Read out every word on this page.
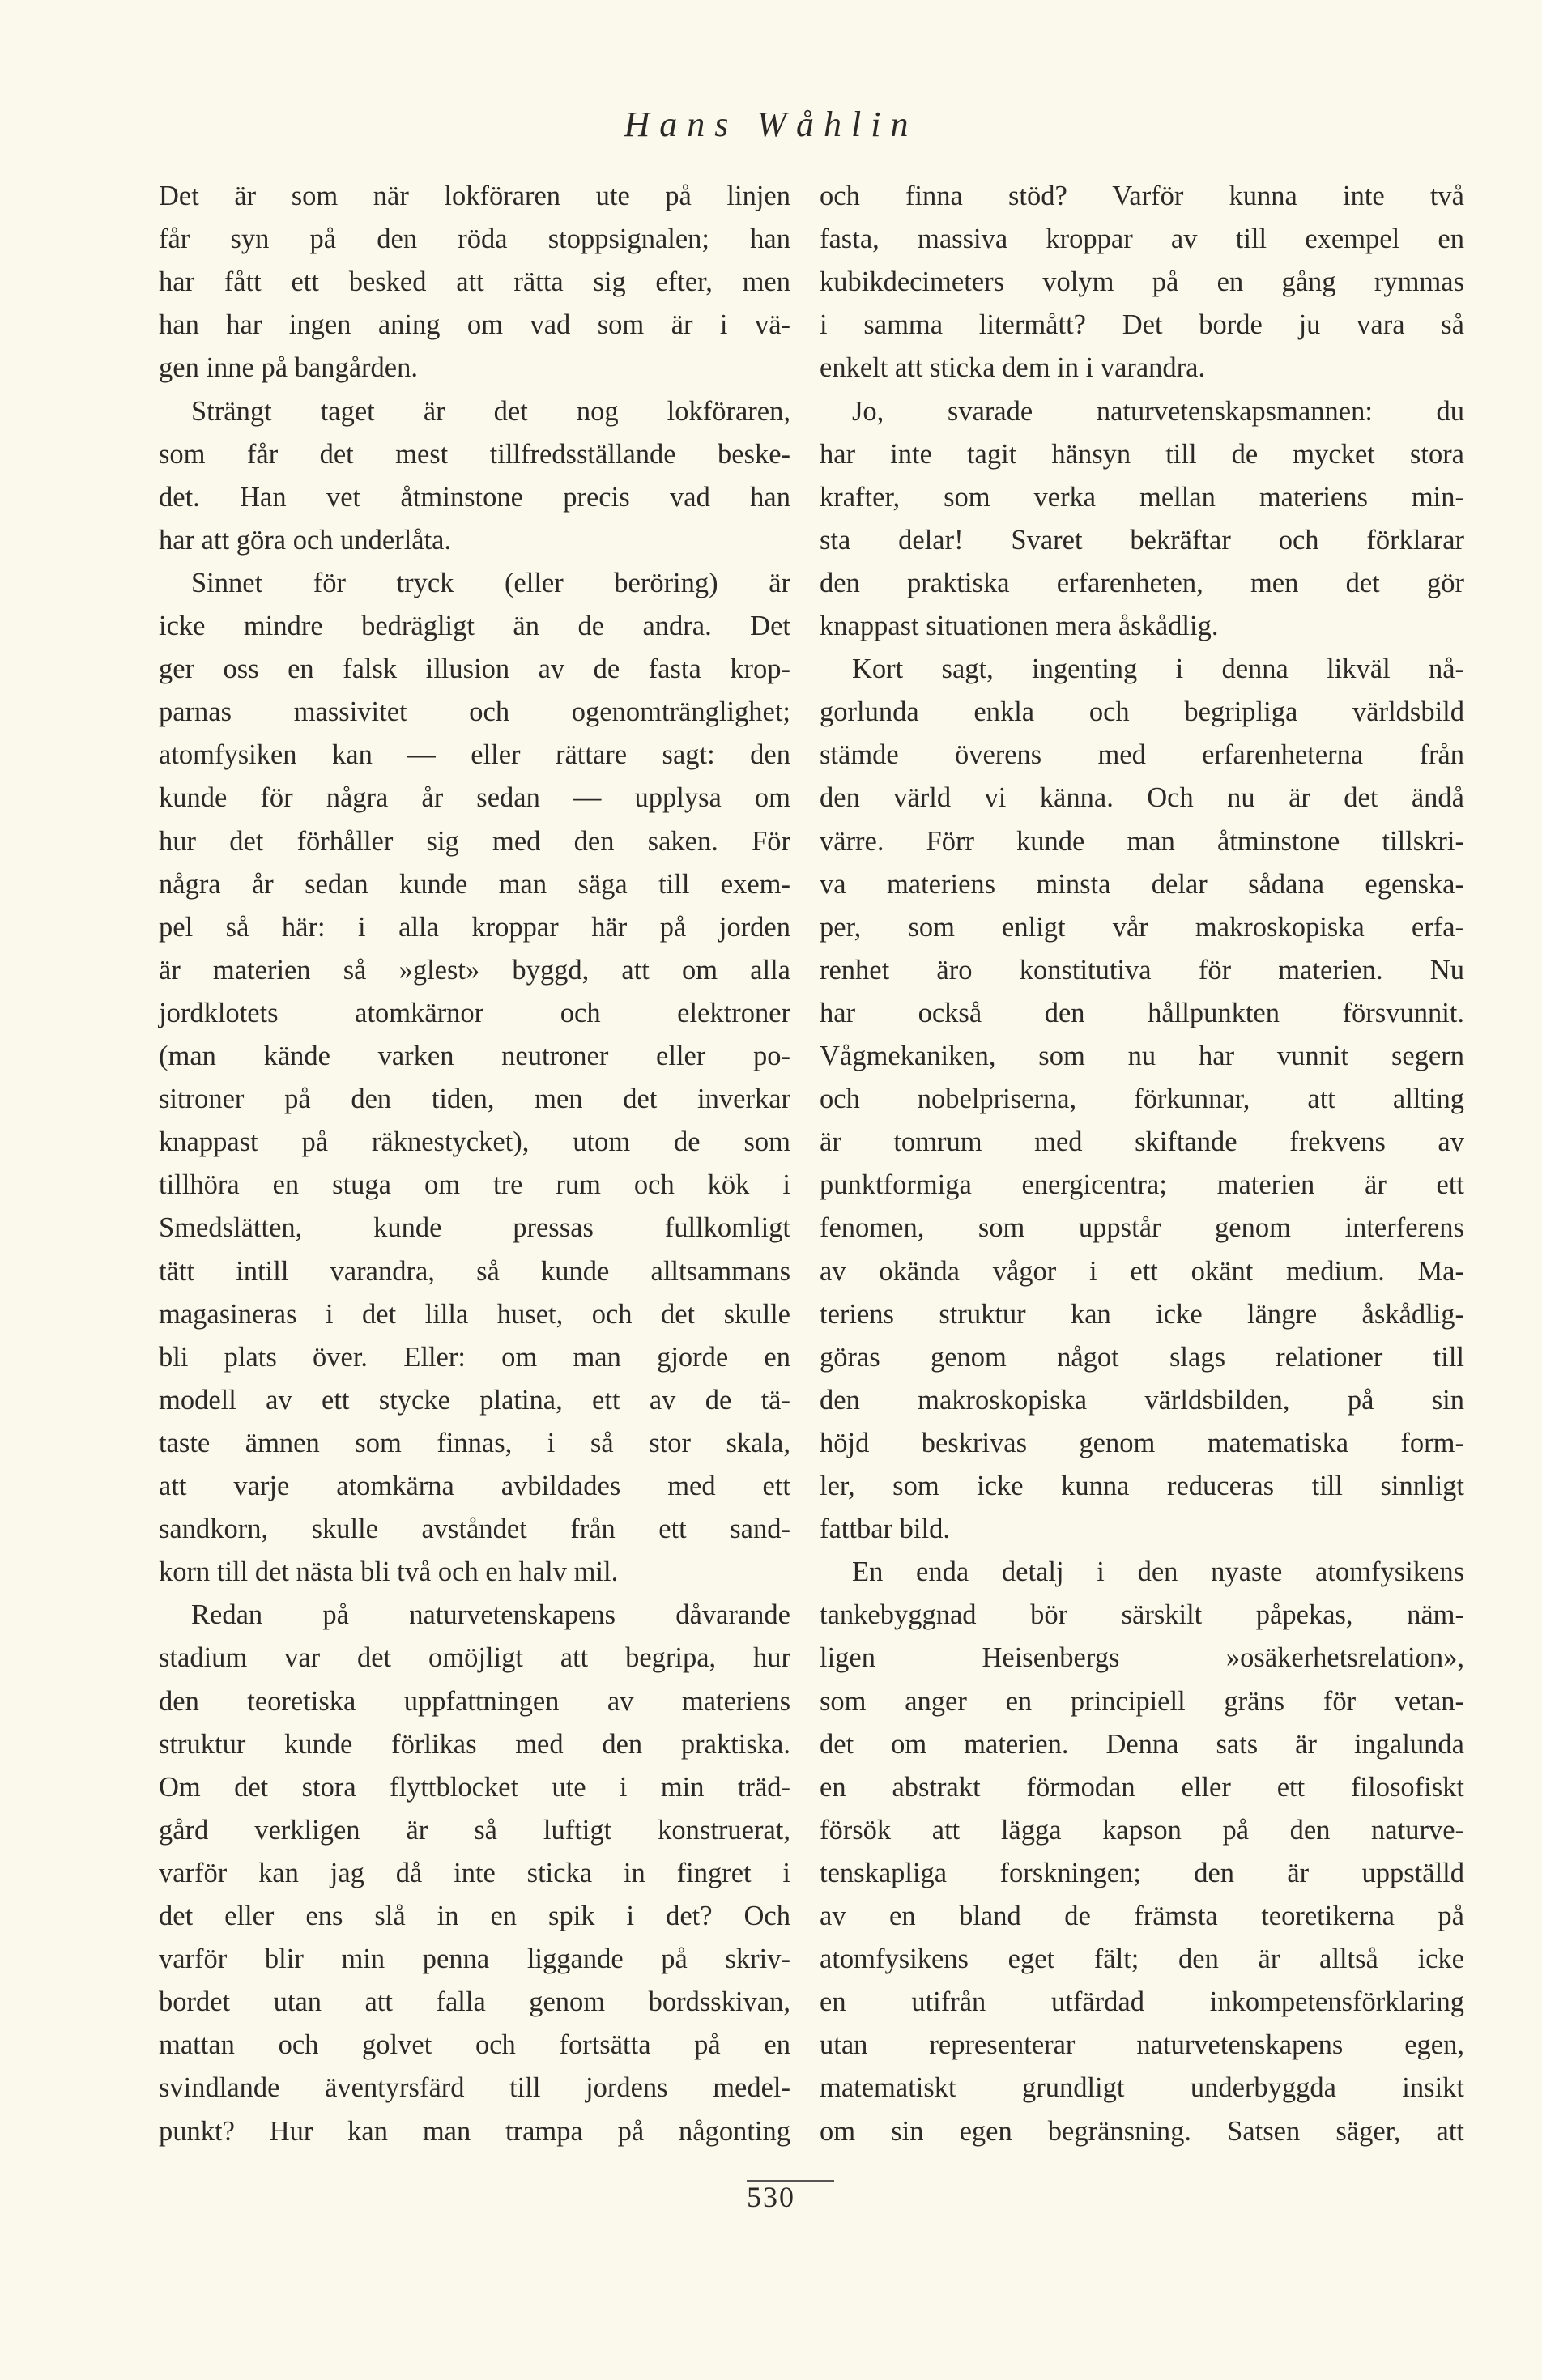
Hans Wåhlin
Det är som när lokföraren ute på linjen
får syn på den röda stoppsignalen; han
har fått ett besked att rätta sig efter, men
han har ingen aning om vad som är i vä-
gen inne på bangården.
Strängt taget är det nog lokföraren,
som får det mest tillfredsställande beske-
det. Han vet åtminstone precis vad han
har att göra och underlåta.
Sinnet för tryck (eller beröring) är
icke mindre bedrägligt än de andra. Det
ger oss en falsk illusion av de fasta krop-
parnas massivitet och ogenomtränglighet;
atomfysiken kan — eller rättare sagt: den
kunde för några år sedan — upplysa om
hur det förhåller sig med den saken. För
några år sedan kunde man säga till exem-
pel så här: i alla kroppar här på jorden
är materien så »glest» byggd, att om alla
jordklotets atomkärnor och elektroner
(man kände varken neutroner eller po-
sitroner på den tiden, men det inverkar
knappast på räknestycket), utom de som
tillhöra en stuga om tre rum och kök i
Smedslätten, kunde pressas fullkomligt
tätt intill varandra, så kunde alltsammans
magasineras i det lilla huset, och det skulle
bli plats över. Eller: om man gjorde en
modell av ett stycke platina, ett av de tä-
taste ämnen som finnas, i så stor skala,
att varje atomkärna avbildades med ett
sandkorn, skulle avståndet från ett sand-
korn till det nästa bli två och en halv mil.
Redan på naturvetenskapens dåvarande
stadium var det omöjligt att begripa, hur
den teoretiska uppfattningen av materiens
struktur kunde förlikas med den praktiska.
Om det stora flyttblocket ute i min träd-
gård verkligen är så luftigt konstruerat,
varför kan jag då inte sticka in fingret i
det eller ens slå in en spik i det? Och
varför blir min penna liggande på skriv-
bordet utan att falla genom bordsskivan,
mattan och golvet och fortsätta på en
svindlande äventyrsfärd till jordens medel-
punkt? Hur kan man trampa på någonting
och finna stöd? Varför kunna inte två
fasta, massiva kroppar av till exempel en
kubikdecimeters volym på en gång rymmas
i samma litermått? Det borde ju vara så
enkelt att sticka dem in i varandra.
Jo, svarade naturvetenskapsmannen: du
har inte tagit hänsyn till de mycket stora
krafter, som verka mellan materiens min-
sta delar! Svaret bekräftar och förklarar
den praktiska erfarenheten, men det gör
knappast situationen mera åskådlig.
Kort sagt, ingenting i denna likväl nå-
gorlunda enkla och begripliga världsbild
stämde överens med erfarenheterna från
den värld vi känna. Och nu är det ändå
värre. Förr kunde man åtminstone tillskri-
va materiens minsta delar sådana egenska-
per, som enligt vår makroskopiska erfa-
renhet äro konstitutiva för materien. Nu
har också den hållpunkten försvunnit.
Vågmekaniken, som nu har vunnit segern
och nobelpriserna, förkunnar, att allting
är tomrum med skiftande frekvens av
punktformiga energicentra; materien är ett
fenomen, som uppstår genom interferens
av okända vågor i ett okänt medium. Ma-
teriens struktur kan icke längre åskådlig-
göras genom något slags relationer till
den makroskopiska världsbilden, på sin
höjd beskrivas genom matematiska form-
ler, som icke kunna reduceras till sinnligt
fattbar bild.
En enda detalj i den nyaste atomfysikens
tankebyggnad bör särskilt påpekas, näm-
ligen Heisenbergs »osäkerhetsrelation»,
som anger en principiell gräns för vetan-
det om materien. Denna sats är ingalunda
en abstrakt förmodan eller ett filosofiskt
försök att lägga kapson på den naturve-
tenskapliga forskningen; den är uppställd
av en bland de främsta teoretikerna på
atomfysikens eget fält; den är alltså icke
en utifrån utfärdad inkompetensförklaring
utan representerar naturvetenskapens egen,
matematiskt grundligt underbyggda insikt
om sin egen begränsning. Satsen säger, att
530
